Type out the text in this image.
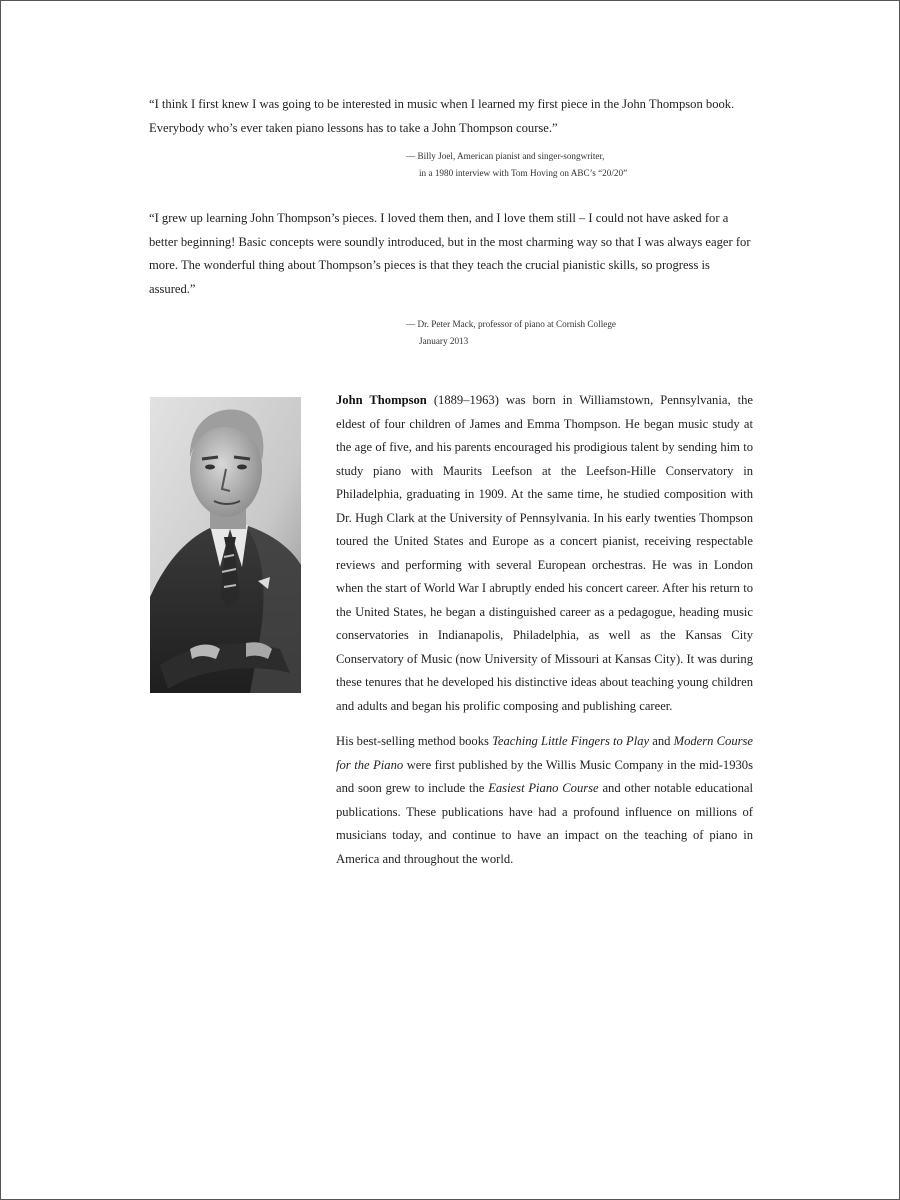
“I think I first knew I was going to be interested in music when I learned my first piece in the John Thompson book. Everybody who’s ever taken piano lessons has to take a John Thompson course.”
— Billy Joel, American pianist and singer-songwriter,
in a 1980 interview with Tom Hoving on ABC’s “20/20”
“I grew up learning John Thompson’s pieces. I loved them then, and I love them still – I could not have asked for a better beginning! Basic concepts were soundly introduced, but in the most charming way so that I was always eager for more. The wonderful thing about Thompson’s pieces is that they teach the crucial pianistic skills, so progress is assured.”
— Dr. Peter Mack, professor of piano at Cornish College
January 2013

John Thompson (1889–1963) was born in Williamstown, Pennsylvania, the eldest of four children of James and Emma Thompson. He began music study at the age of five, and his parents encouraged his prodigious talent by sending him to study piano with Maurits Leefson at the Leefson-Hille Conservatory in Philadelphia, graduating in 1909. At the same time, he studied composition with Dr. Hugh Clark at the University of Pennsylvania. In his early twenties Thompson toured the United States and Europe as a concert pianist, receiving respectable reviews and performing with several European orchestras. He was in London when the start of World War I abruptly ended his concert career. After his return to the United States, he began a distinguished career as a pedagogue, heading music conservatories in Indianapolis, Philadelphia, as well as the Kansas City Conservatory of Music (now University of Missouri at Kansas City). It was during these tenures that he developed his distinctive ideas about teaching young children and adults and began his prolific composing and publishing career.

His best-selling method books Teaching Little Fingers to Play and Modern Course for the Piano were first published by the Willis Music Company in the mid-1930s and soon grew to include the Easiest Piano Course and other notable educational publications. These publications have had a profound influence on millions of musicians today, and continue to have an impact on the teaching of piano in America and throughout the world.
